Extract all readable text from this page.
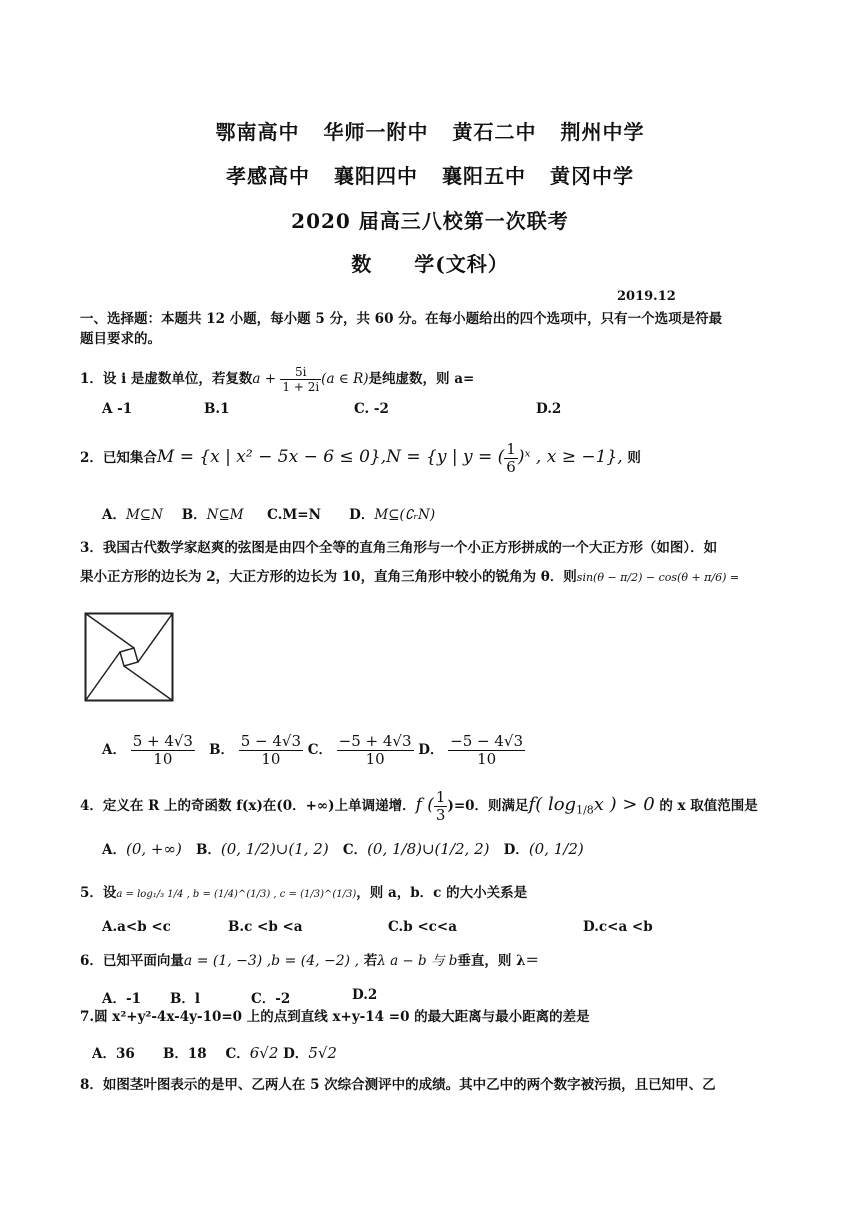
鄂南高中 华师一附中 黄石二中 荆州中学
孝感高中 襄阳四中 襄阳五中 黄冈中学
2020 届高三八校第一次联考
数　　学(文科）
2019.12
一、选择题：本题共 12 小题，每小题 5 分，共 60 分。在每小题给出的四个选项中，只有一个选项是符最
题目要求的。
1．设 i 是虚数单位，若复数$a + \frac{5i}{1 + 2i} (a$ ∈ R)是纯虚数，则 a=
A -1	B.1	C. -2	D.2
2．已知集合M = {x | x² − 5x − 6 ≤ 0},N = {y | y = ( $\frac{1}{6}$ )ˣ , x ≥ −1}, 则
A．M⊆N B．N⊆M C.M=N D．M⊆(∁ᵣN)
3．我国古代数学家赵爽的弦图是由四个全等的直角三角形与一个小正方形拼成的一个大正方形（如图）．如
果小正方形的边长为 2，大正方形的边长为 10，直角三角形中较小的锐角为 θ．则sin(θ − π/2) − cos(θ + π/6) =
A． $\frac{5 + 4√3}{10}$ B． $\frac{5 - 4√3}{10}$ C． $\frac{-5 + 4√3}{10}$ D． $\frac{-5 - 4√3}{10}$
4．定义在 R 上的奇函数 f(x)在(0．+∞)上单调递增．f ( $\frac{1}{3} )=0$．则满足f( $\log_{1/8}x$ ) > 0 的 x 取值范围是
A．(0, +∞) B．(0, 1/2)∪(1, 2) C．(0, 1/8)∪(1/2, 2) D．(0, 1/2)
5．设a = log₁/₃ 1/4 , b = (1/4)^(1/3) , c = (1/3)^(1/3)，则 a，b．c 的大小关系是
A.a<b <c	B.c <b <a	C.b <c<a	D.c<a <b
6．已知平面向量a = (1, −3) ,b = (4, −2) , 若λ a − b 与 b垂直，则 λ＝
A．-1 B．l	C．-2	D.2
7.圆 x²+y²-4x-4y-10=0 上的点到直线 x+y-14 =0 的最大距离与最小距离的差是
A．36 B．18 C．6√2 D．5√2
8．如图茎叶图表示的是甲、乙两人在 5 次综合测评中的成绩。其中乙中的两个数字被污损，且已知甲、乙
